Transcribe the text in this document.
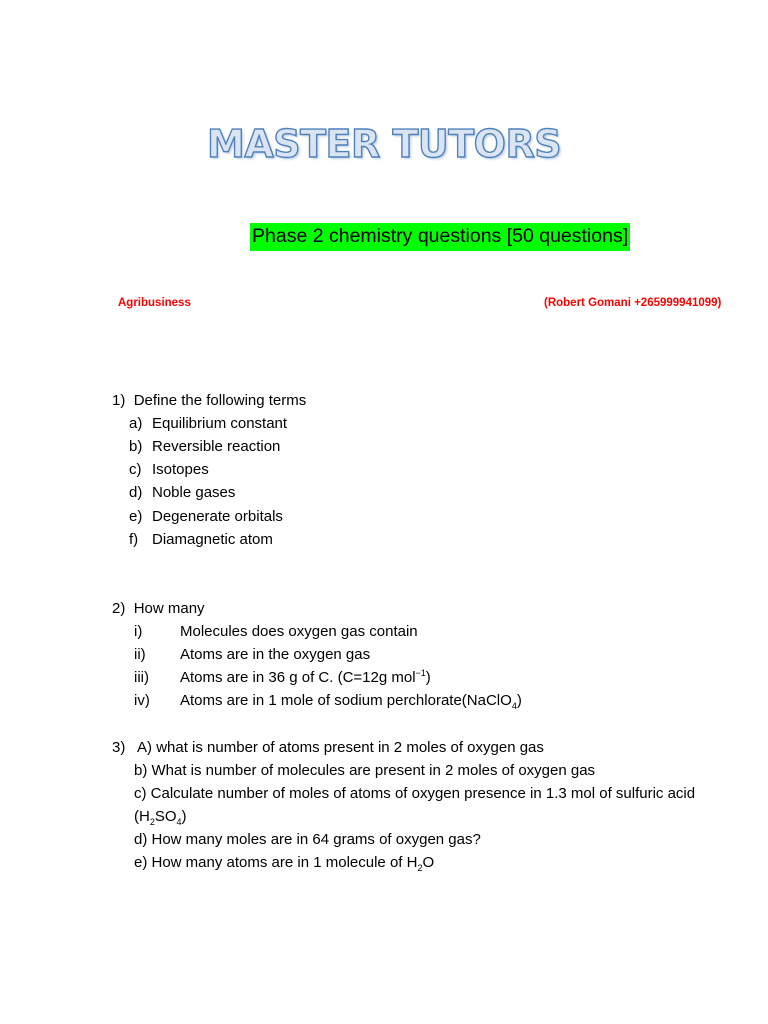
MASTER TUTORS
Phase 2 chemistry questions [50 questions]
Agribusiness	(Robert Gomani +265999941099)
1) Define the following terms
a) Equilibrium constant
b) Reversible reaction
c) Isotopes
d) Noble gases
e) Degenerate orbitals
f) Diamagnetic atom
2) How many
i)	Molecules does oxygen gas contain
ii) Atoms are in the oxygen gas
iii) Atoms are in 36 g of C. (C=12g mol$^{-1}$)
iv) Atoms are in 1 mole of sodium perchlorate(NaClO$_4$)
3) A) what is number of atoms present in 2 moles of oxygen gas
b) What is number of molecules are present in 2 moles of oxygen gas
c) Calculate number of moles of atoms of oxygen presence in 1.3 mol of sulfuric acid
$(H_2SO_4)$
d) How many moles are in 64 grams of oxygen gas?
e) How many atoms are in 1 molecule of $H_2O$
